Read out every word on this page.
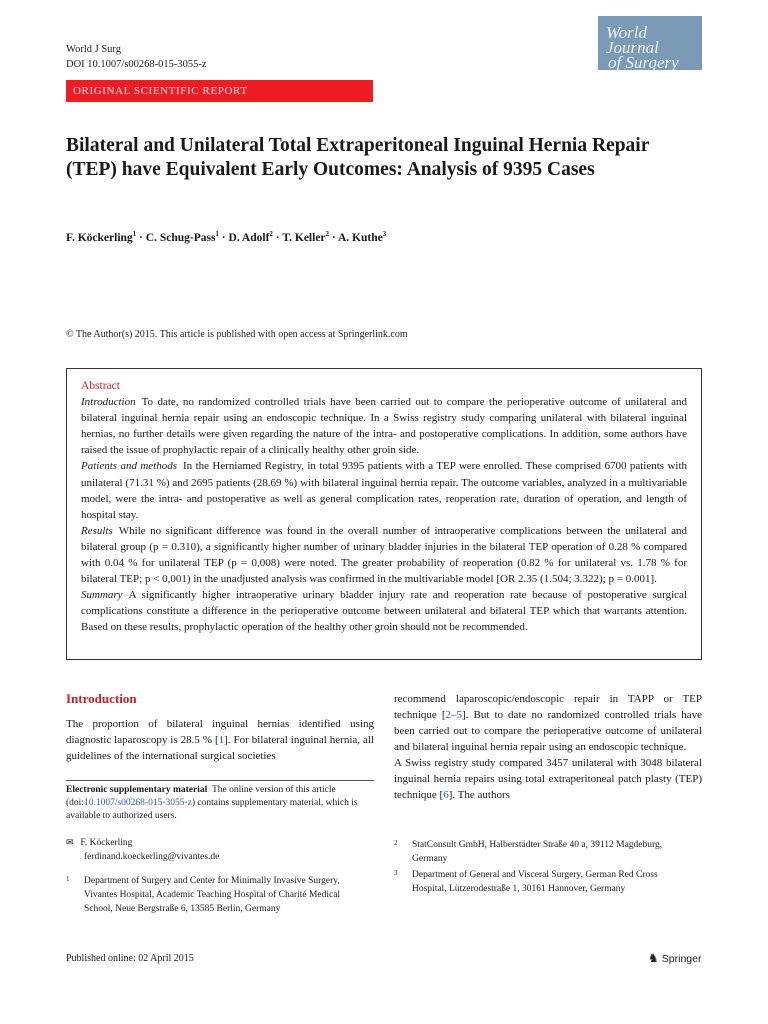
World J Surg
DOI 10.1007/s00268-015-3055-z
World Journal
of Surgery
ORIGINAL SCIENTIFIC REPORT
Bilateral and Unilateral Total Extraperitoneal Inguinal Hernia Repair (TEP) have Equivalent Early Outcomes: Analysis of 9395 Cases
F. Köckerling$^1$ · C. Schug-Pass$^1$ · D. Adolf$^2$ · T. Keller$^2$ · A. Kuthe$^3$
© The Author(s) 2015. This article is published with open access at Springerlink.com

Abstract

Introduction To date, no randomized controlled trials have been carried out to compare the perioperative outcome of unilateral and bilateral inguinal hernia repair using an endoscopic technique. In a Swiss registry study comparing unilateral with bilateral inguinal hernias, no further details were given regarding the nature of the intra- and postoperative complications. In addition, some authors have raised the issue of prophylactic repair of a clinically healthy other groin side.

Patients and methods In the Herniamed Registry, in total 9395 patients with a TEP were enrolled. These comprised 6700 patients with unilateral (71.31 %) and 2695 patients (28.69 %) with bilateral inguinal hernia repair. The outcome variables, analyzed in a multivariable model, were the intra- and postoperative as well as general complication rates, reoperation rate, duration of operation, and length of hospital stay.

Results While no significant difference was found in the overall number of intraoperative complications between the unilateral and bilateral group (p = 0.310), a significantly higher number of urinary bladder injuries in the bilateral TEP operation of 0.28 % compared with 0.04 % for unilateral TEP (p = 0,008) were noted. The greater probability of reoperation (0.82 % for unilateral vs. 1.78 % for bilateral TEP; p < 0,001) in the unadjusted analysis was confirmed in the multivariable model [OR 2.35 (1.504; 3.322); p = 0.001].

Summary A significantly higher intraoperative urinary bladder injury rate and reoperation rate because of postoperative surgical complications constitute a difference in the perioperative outcome between unilateral and bilateral TEP which that warrants attention. Based on these results, prophylactic operation of the healthy other groin should not be recommended.

Introduction

The proportion of bilateral inguinal hernias identified using diagnostic laparoscopy is 28.5 % [1]. For bilateral inguinal hernia, all guidelines of the international surgical societies

Electronic supplementary material The online version of this article (doi:10.1007/s00268-015-3055-z) contains supplementary material, which is available to authorized users.
✉ F. Köckerling
ferdinand.koeckerling@vivantes.de
1	Department of Surgery and Center for Minimally Invasive Surgery, Vivantes Hospital, Academic Teaching Hospital of Charité Medical School, Neue Bergstraße 6, 13585 Berlin, Germany

recommend laparoscopic/endoscopic repair in TAPP or TEP technique [2–5]. But to date no randomized controlled trials have been carried out to compare the perioperative outcome of unilateral and bilateral inguinal hernia repair using an endoscopic technique.

A Swiss registry study compared 3457 unilateral with 3048 bilateral inguinal hernia repairs using total extraperitoneal patch plasty (TEP) technique [6]. The authors

2	StatConsult GmbH, Halberstädter Straße 40 a, 39112 Magdeburg, Germany
3	Department of General and Visceral Surgery, German Red Cross Hospital, Lützerodestraße 1, 30161 Hannover, Germany
Published online: 02 April 2015	♞ Springer
